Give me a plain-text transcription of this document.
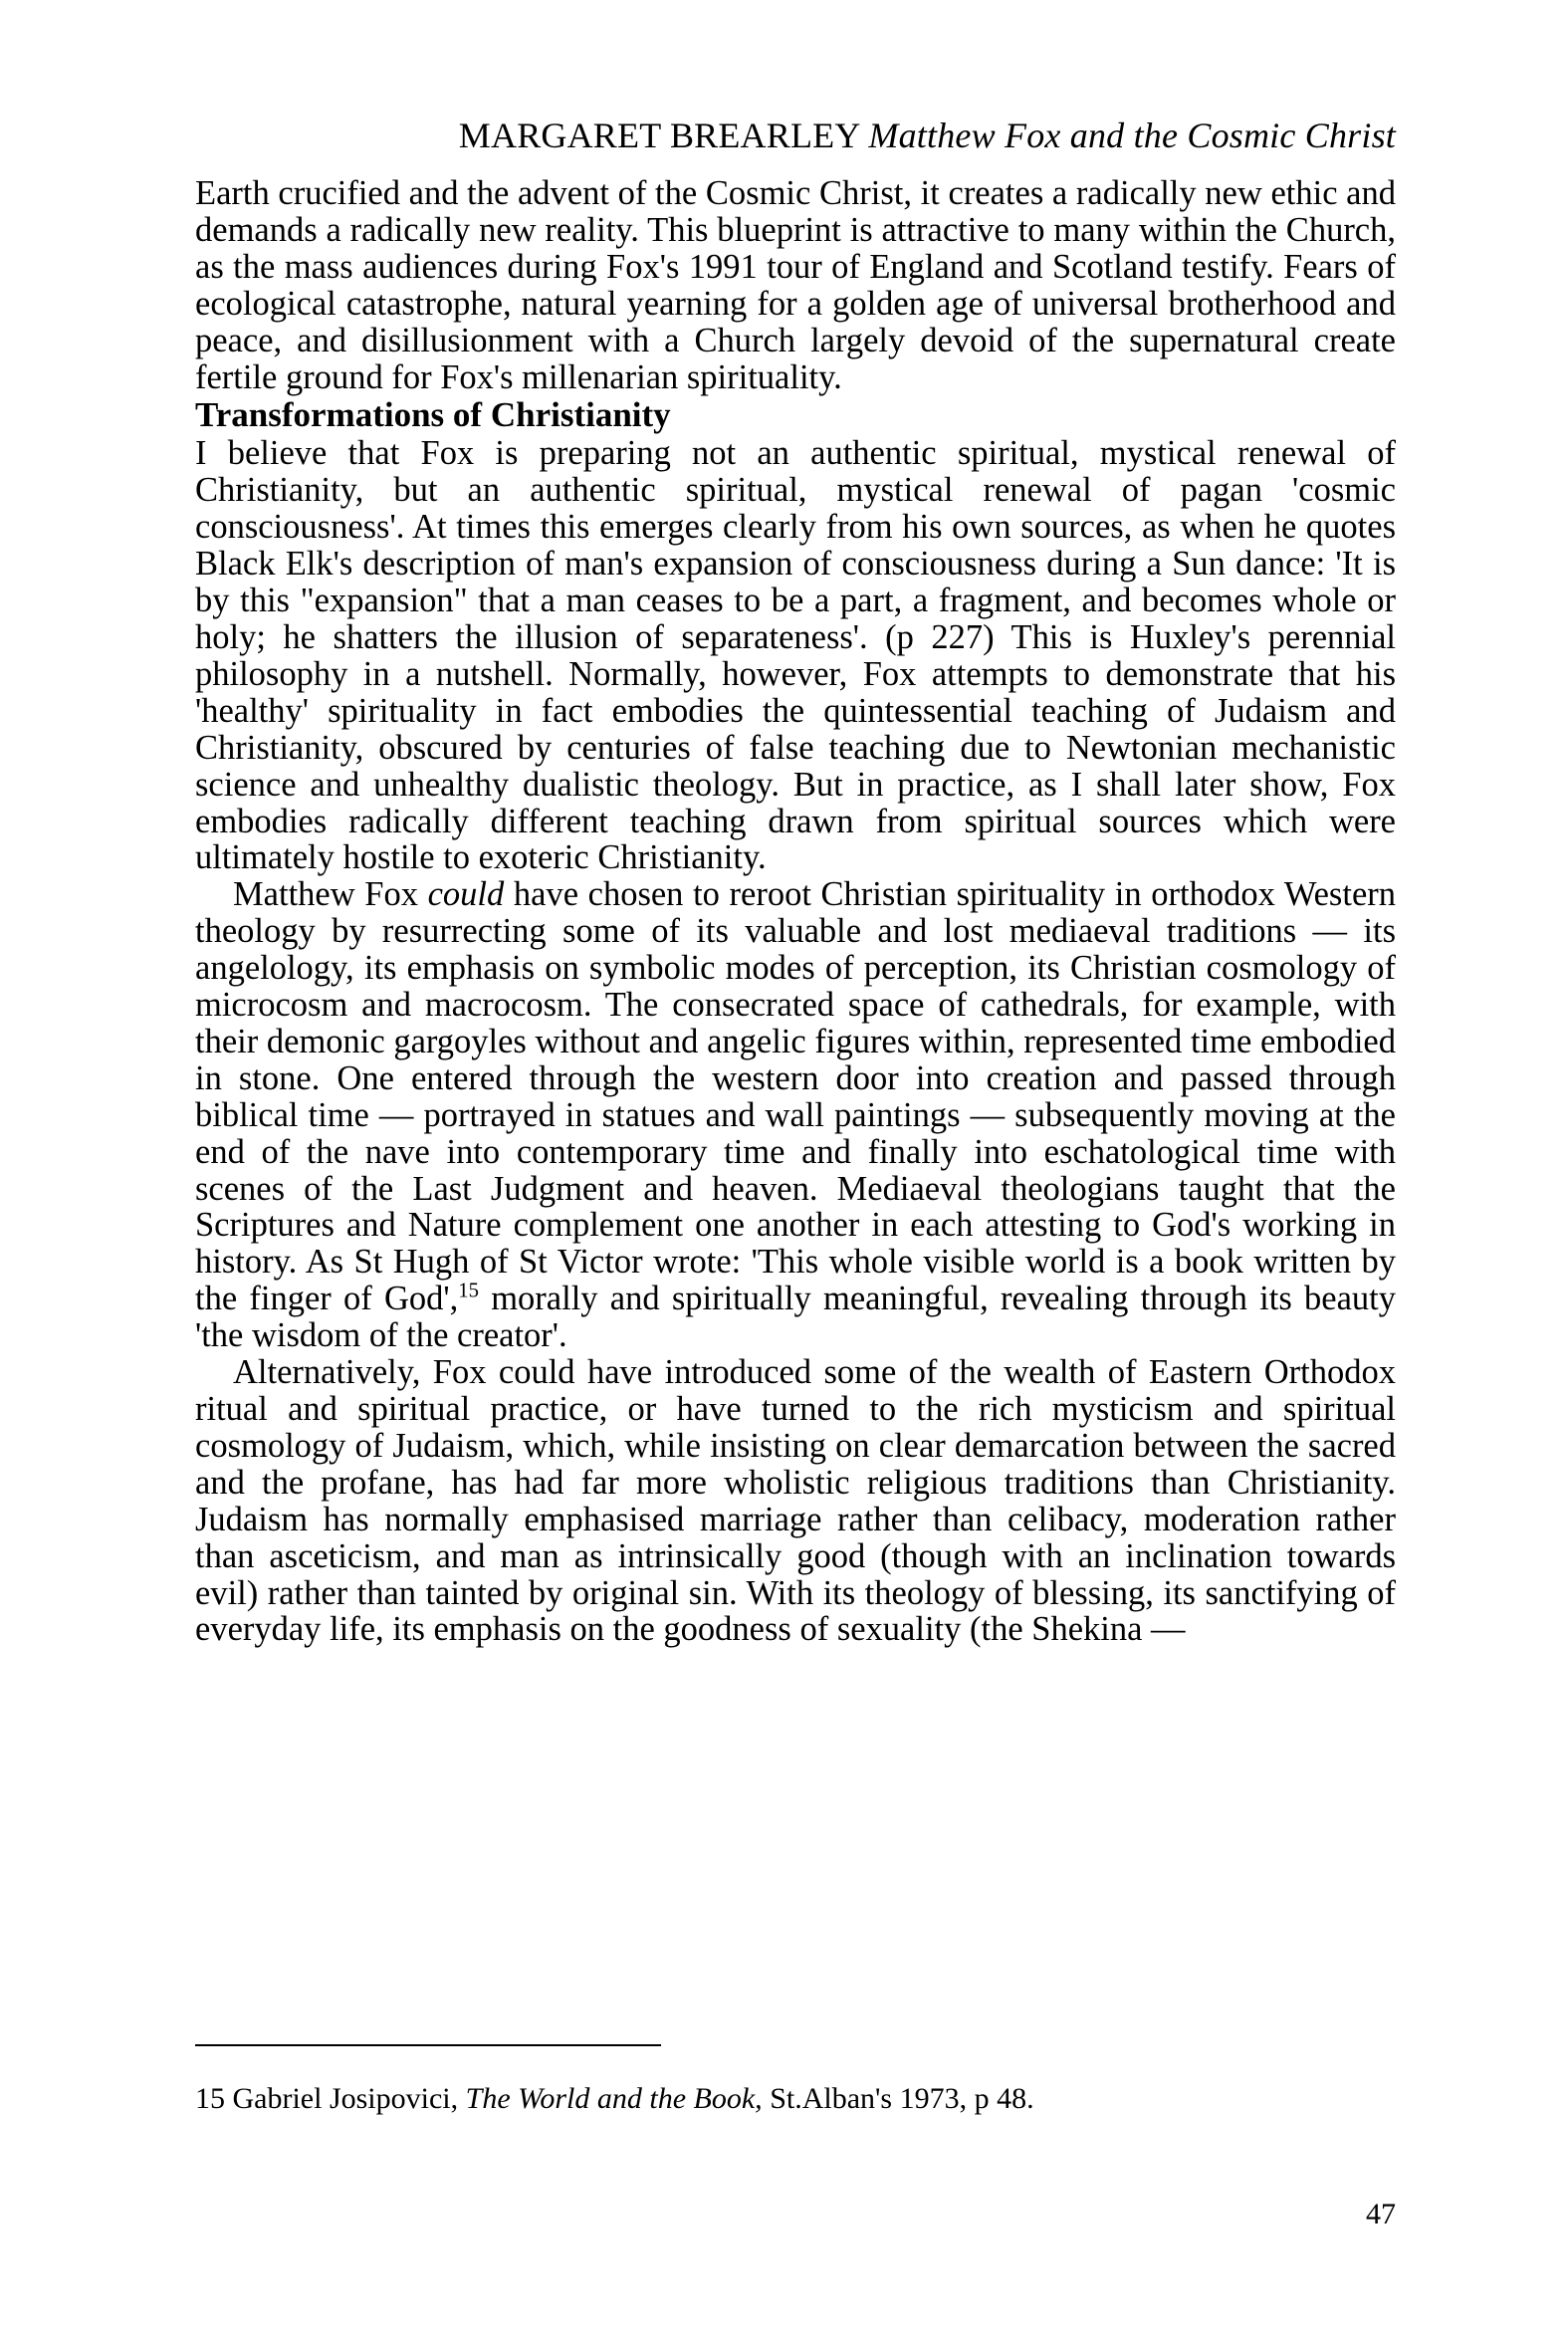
MARGARET BREARLEY Matthew Fox and the Cosmic Christ

Earth crucified and the advent of the Cosmic Christ, it creates a radically new ethic and demands a radically new reality. This blueprint is attractive to many within the Church, as the mass audiences during Fox's 1991 tour of England and Scotland testify. Fears of ecological catastrophe, natural yearning for a golden age of universal brotherhood and peace, and disillusionment with a Church largely devoid of the supernatural create fertile ground for Fox's millenarian spirituality.

Transformations of Christianity

I believe that Fox is preparing not an authentic spiritual, mystical renewal of Christianity, but an authentic spiritual, mystical renewal of pagan 'cosmic consciousness'. At times this emerges clearly from his own sources, as when he quotes Black Elk's description of man's expansion of consciousness during a Sun dance: 'It is by this "expansion" that a man ceases to be a part, a fragment, and becomes whole or holy; he shatters the illusion of separateness'. (p 227) This is Huxley's perennial philosophy in a nutshell. Normally, however, Fox attempts to demonstrate that his 'healthy' spirituality in fact embodies the quintessential teaching of Judaism and Christianity, obscured by centuries of false teaching due to Newtonian mechanistic science and unhealthy dualistic theology. But in practice, as I shall later show, Fox embodies radically different teaching drawn from spiritual sources which were ultimately hostile to exoteric Christianity.

Matthew Fox could have chosen to reroot Christian spirituality in orthodox Western theology by resurrecting some of its valuable and lost mediaeval traditions — its angelology, its emphasis on symbolic modes of perception, its Christian cosmology of microcosm and macrocosm. The consecrated space of cathedrals, for example, with their demonic gargoyles without and angelic figures within, represented time embodied in stone. One entered through the western door into creation and passed through biblical time — portrayed in statues and wall paintings — subsequently moving at the end of the nave into contemporary time and finally into eschatological time with scenes of the Last Judgment and heaven. Mediaeval theologians taught that the Scriptures and Nature complement one another in each attesting to God's working in history. As St Hugh of St Victor wrote: 'This whole visible world is a book written by the finger of God',$^{15}$ morally and spiritually meaningful, revealing through its beauty 'the wisdom of the creator'.

Alternatively, Fox could have introduced some of the wealth of Eastern Orthodox ritual and spiritual practice, or have turned to the rich mysticism and spiritual cosmology of Judaism, which, while insisting on clear demarcation between the sacred and the profane, has had far more wholistic religious traditions than Christianity. Judaism has normally emphasised marriage rather than celibacy, moderation rather than asceticism, and man as intrinsically good (though with an inclination towards evil) rather than tainted by original sin. With its theology of blessing, its sanctifying of everyday life, its emphasis on the goodness of sexuality (the Shekina —

15 Gabriel Josipovici, The World and the Book, St.Alban's 1973, p 48.
47
